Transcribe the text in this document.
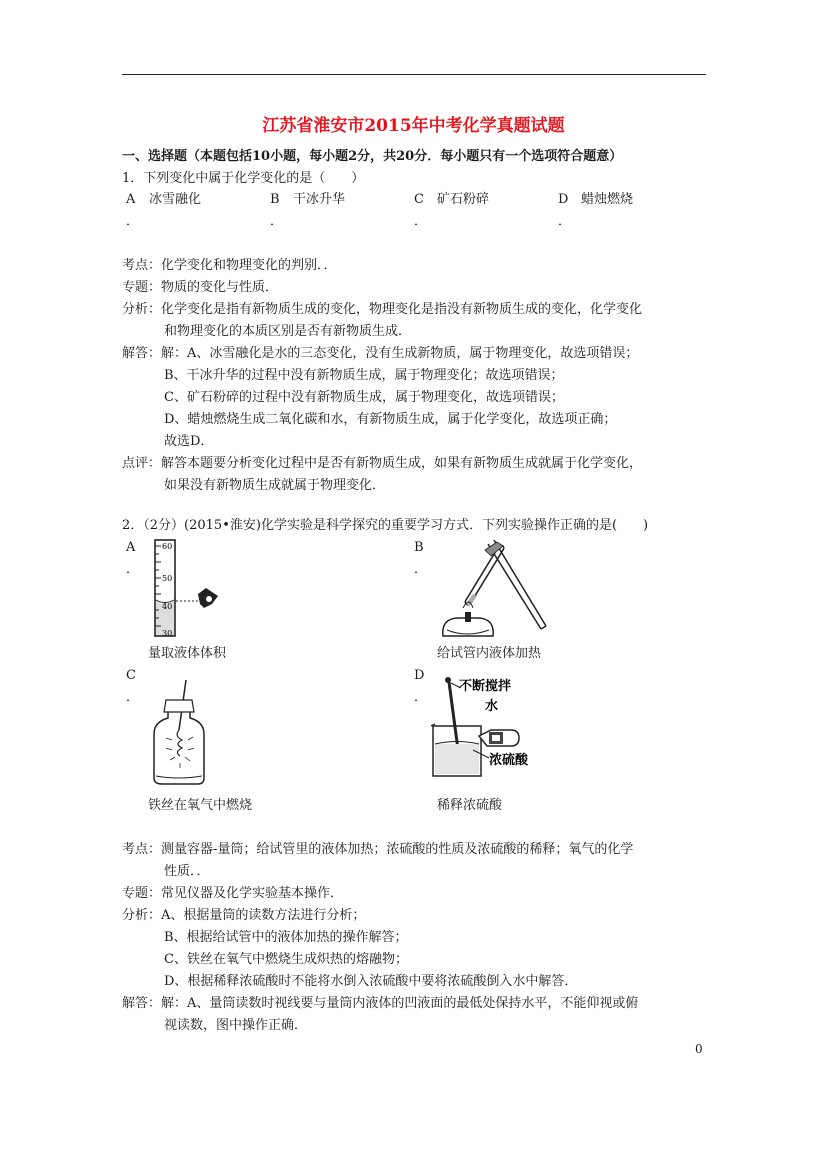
江苏省淮安市2015年中考化学真题试题
一、选择题（本题包括10小题，每小题2分，共20分．每小题只有一个选项符合题意）
1．下列变化中属于化学变化的是（　　）
A 冰雪融化
．
B 干冰升华
．
C 矿石粉碎
．
D 蜡烛燃烧
．
考点：化学变化和物理变化的判别．．
专题：物质的变化与性质．
分析：化学变化是指有新物质生成的变化，物理变化是指没有新物质生成的变化，化学变化
和物理变化的本质区别是否有新物质生成．
解答：解：A、冰雪融化是水的三态变化，没有生成新物质，属于物理变化，故选项错误；
B、干冰升华的过程中没有新物质生成，属于物理变化；故选项错误；
C、矿石粉碎的过程中没有新物质生成，属于物理变化，故选项错误；
D、蜡烛燃烧生成二氧化碳和水，有新物质生成，属于化学变化，故选项正确；
故选D．
点评：解答本题要分析变化过程中是否有新物质生成，如果有新物质生成就属于化学变化，
如果没有新物质生成就属于物理变化．
2．（2分）(2015•淮安)化学实验是科学探究的重要学习方式．下列实验操作正确的是(　　)
A
．
60
50
40
30
量取液体体积
B
．
给试管内液体加热
C
．
铁丝在氧气中燃烧
D
．
不断搅拌
水
浓硫酸
稀释浓硫酸
考点：测量容器-量筒；给试管里的液体加热；浓硫酸的性质及浓硫酸的稀释；氧气的化学
性质．．
专题：常见仪器及化学实验基本操作．
分析：A、根据量筒的读数方法进行分析；
B、根据给试管中的液体加热的操作解答；
C、铁丝在氧气中燃烧生成炽热的熔融物；
D、根据稀释浓硫酸时不能将水倒入浓硫酸中要将浓硫酸倒入水中解答．
解答：解：A、量筒读数时视线要与量筒内液体的凹液面的最低处保持水平，不能仰视或俯
视读数，图中操作正确．
0
